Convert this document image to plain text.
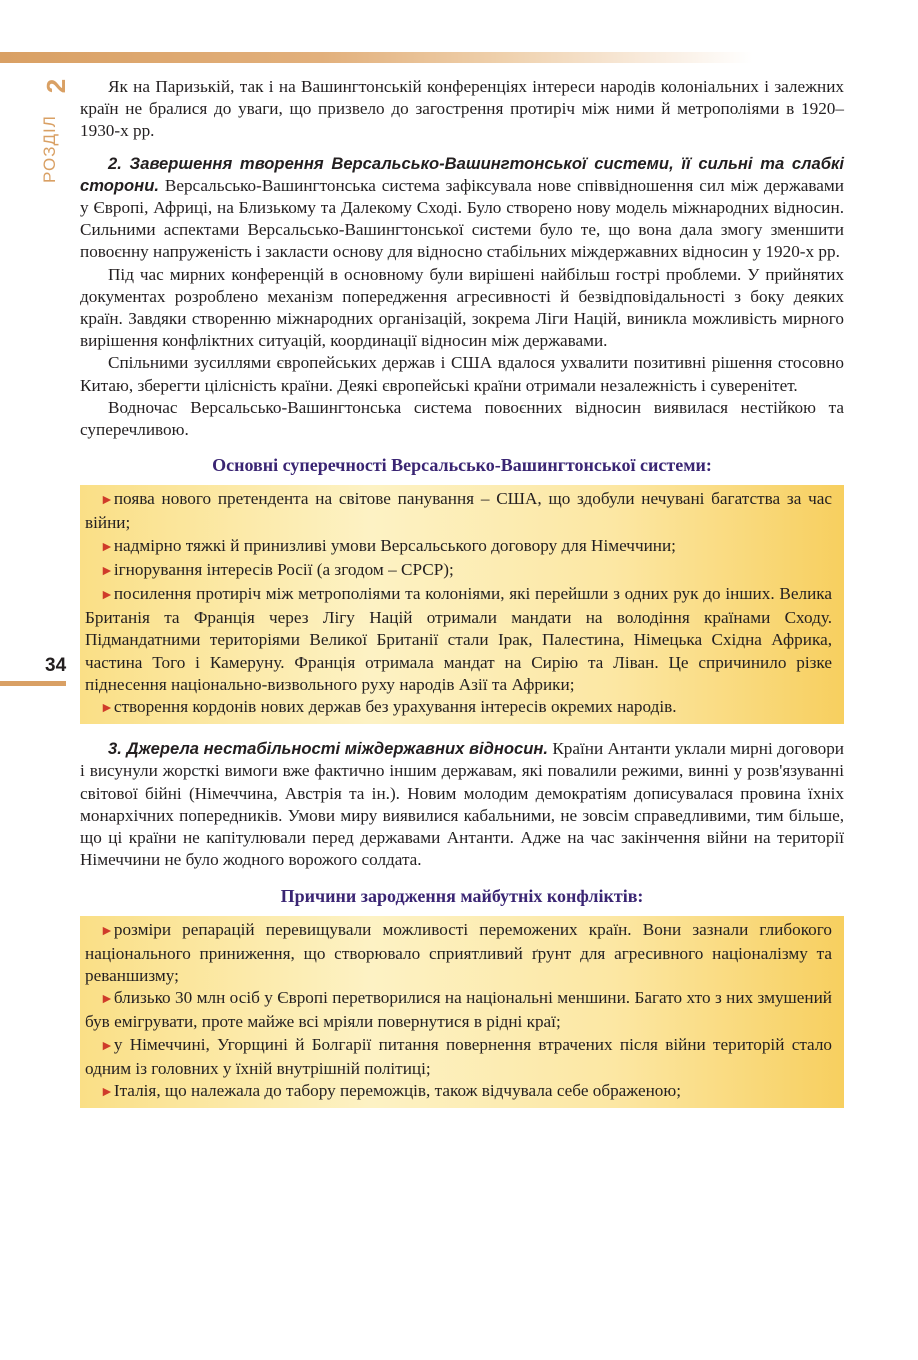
2
РОЗДІЛ
34

Як на Паризькій, так і на Вашингтонській конференціях інтереси народів колоніальних і залежних країн не бралися до уваги, що призвело до загострення протиріч між ними й метрополіями в 1920–1930-х рр.

2. Завершення творення Версальсько-Вашингтонської системи, її сильні та слабкі сторони. Версальсько-Вашингтонська система зафіксувала нове співвідношення сил між державами у Європі, Африці, на Близькому та Далекому Сході. Було створено нову модель міжнародних відносин. Сильними аспектами Версальсько-Вашингтонської системи було те, що вона дала змогу зменшити повоєнну напруженість і закласти основу для відносно стабільних міждержавних відносин у 1920-х рр.

Під час мирних конференцій в основному були вирішені найбільш гострі проблеми. У прийнятих документах розроблено механізм попередження агресивності й безвідповідальності з боку деяких країн. Завдяки створенню міжнародних організацій, зокрема Ліги Націй, виникла можливість мирного вирішення конфліктних ситуацій, координації відносин між державами.

Спільними зусиллями європейських держав і США вдалося ухвалити позитивні рішення стосовно Китаю, зберегти цілісність країни. Деякі європейські країни отримали незалежність і суверенітет.

Водночас Версальсько-Вашингтонська система повоєнних відносин виявилася нестійкою та суперечливою.

Основні суперечності Версальсько-Вашингтонської системи:
►поява нового претендента на світове панування – США, що здобули нечувані багатства за час війни;
►надмірно тяжкі й принизливі умови Версальського договору для Німеччини;
►ігнорування інтересів Росії (а згодом – СРСР);
►посилення протиріч між метрополіями та колоніями, які перейшли з одних рук до інших. Велика Британія та Франція через Лігу Націй отримали мандати на володіння країнами Сходу. Підмандатними територіями Великої Британії стали Ірак, Палестина, Німецька Східна Африка, частина Того і Камеруну. Франція отримала мандат на Сирію та Ліван. Це спричинило різке піднесення національно-визвольного руху народів Азії та Африки;
►створення кордонів нових держав без урахування інтересів окремих народів.

3. Джерела нестабільності міждержавних відносин. Країни Антанти уклали мирні договори і висунули жорсткі вимоги вже фактично іншим державам, які повалили режими, винні у розв'язуванні світової бійні (Німеччина, Австрія та ін.). Новим молодим демократіям дописувалася провина їхніх монархічних попередників. Умови миру виявилися кабальними, не зовсім справедливими, тим більше, що ці країни не капітулювали перед державами Антанти. Адже на час закінчення війни на території Німеччини не було жодного ворожого солдата.

Причини зародження майбутніх конфліктів:
►розміри репарацій перевищували можливості переможених країн. Вони зазнали глибокого національного приниження, що створювало сприятливий ґрунт для агресивного націоналізму та реваншизму;
►близько 30 млн осіб у Європі перетворилися на національні меншини. Багато хто з них змушений був емігрувати, проте майже всі мріяли повернутися в рідні краї;
►у Німеччині, Угорщині й Болгарії питання повернення втрачених після війни територій стало одним із головних у їхній внутрішній політиці;
►Італія, що належала до табору переможців, також відчувала себе ображеною;
